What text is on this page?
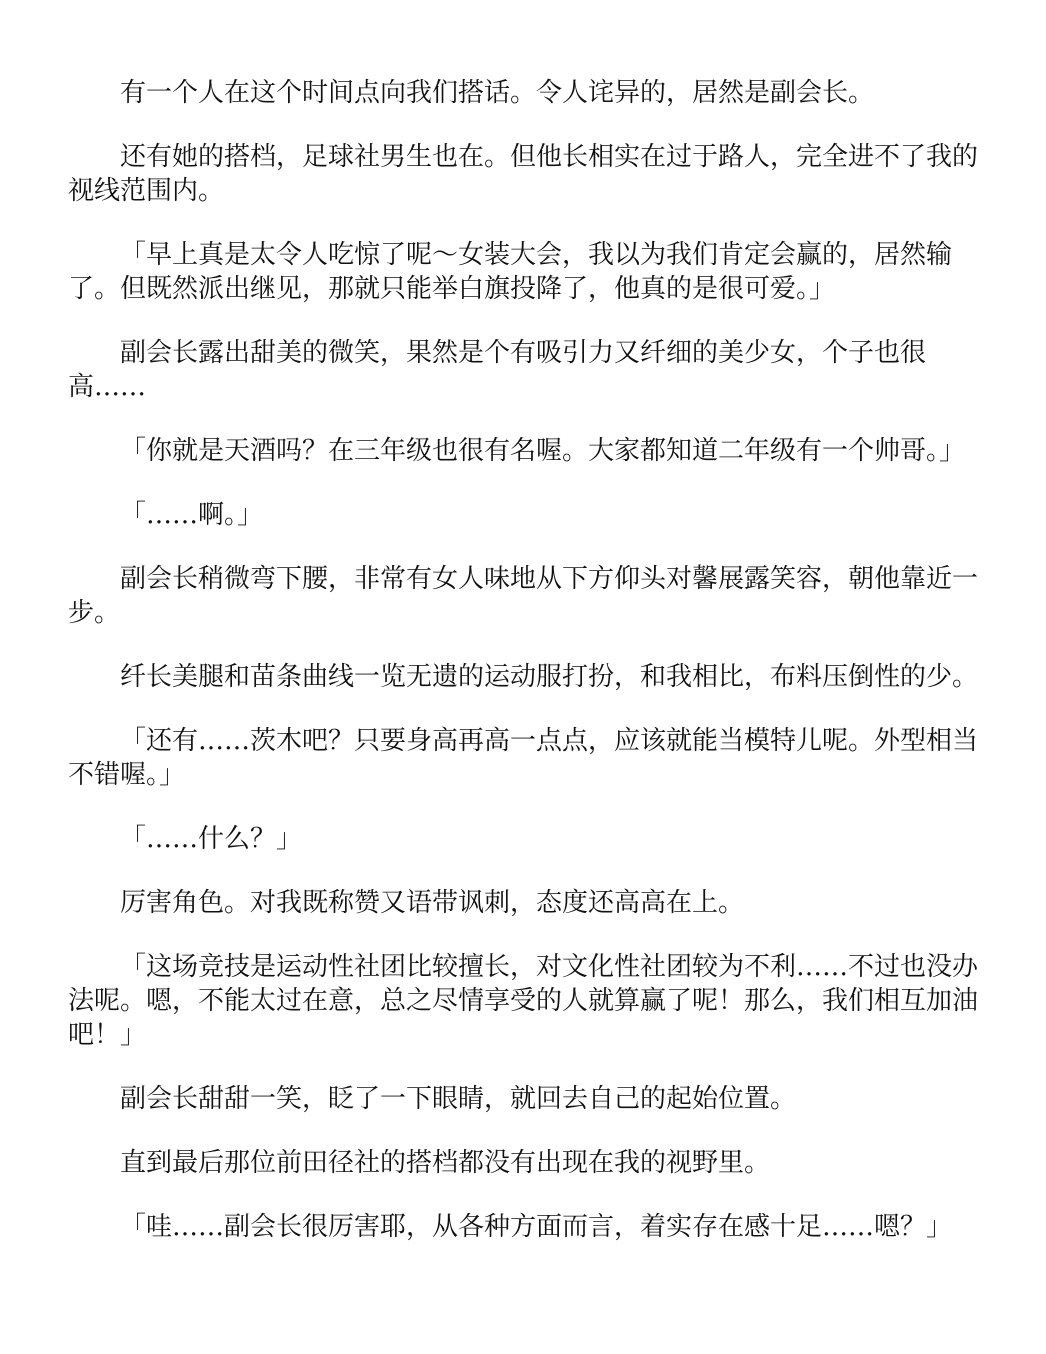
有一个人在这个时间点向我们搭话。令人诧异的，居然是副会长。

还有她的搭档，足球社男生也在。但他长相实在过于路人，完全进不了我的视线范围内。

「早上真是太令人吃惊了呢～女装大会，我以为我们肯定会赢的，居然输了。但既然派出继见，那就只能举白旗投降了，他真的是很可爱。」

副会长露出甜美的微笑，果然是个有吸引力又纤细的美少女，个子也很高……

「你就是天酒吗？在三年级也很有名喔。大家都知道二年级有一个帅哥。」

「……啊。」

副会长稍微弯下腰，非常有女人味地从下方仰头对馨展露笑容，朝他靠近一步。

纤长美腿和苗条曲线一览无遗的运动服打扮，和我相比，布料压倒性的少。

「还有……茨木吧？只要身高再高一点点，应该就能当模特儿呢。外型相当不错喔。」

「……什么？」

厉害角色。对我既称赞又语带讽刺，态度还高高在上。

「这场竞技是运动性社团比较擅长，对文化性社团较为不利……不过也没办法呢。嗯，不能太过在意，总之尽情享受的人就算赢了呢！那么，我们相互加油吧！」

副会长甜甜一笑，眨了一下眼睛，就回去自己的起始位置。

直到最后那位前田径社的搭档都没有出现在我的视野里。

「哇……副会长很厉害耶，从各种方面而言，着实存在感十足……嗯？」
